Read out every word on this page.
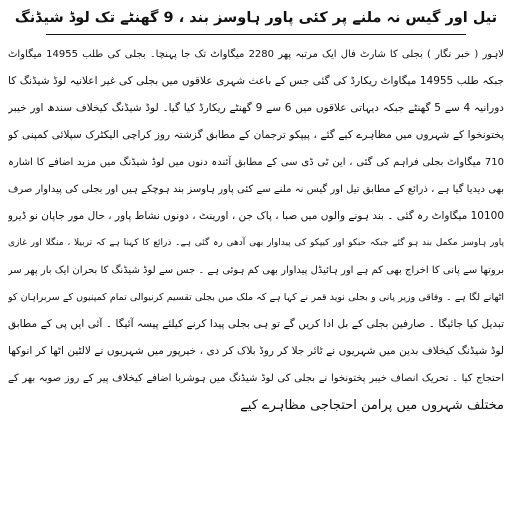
تیل اور گیس نہ ملنے پر کئی پاور ہاوسز بند ، 9 گھنٹے تک لوڈ شیڈنگ
لاہور ( خبر نگار ) بجلی کا شارٹ فال ایک مرتبہ پھر 2280 میگاواٹ تک جا پہنچا۔ بجلی کی طلب 14955 میگاواٹ
جبکہ طلب 14955 میگاواٹ ریکارڈ کی گئی جس کے باعث شہری علاقوں میں بجلی کی غیر اعلانیہ لوڈ شیڈنگ کا
دورانیہ 4 سے 5 گھنٹے جبکہ دیہاتی علاقوں میں 6 سے 9 گھنٹے ریکارڈ کیا گیا۔ لوڈ شیڈنگ کیخلاف سندھ اور خیبر
پختونخوا کے شہروں میں مظاہرے کیے گئے ، پیپکو ترجمان کے مطابق گزشتہ روز کراچی الیکٹرک سپلائی کمپنی کو
710 میگاواٹ بجلی فراہم کی گئی ، این ٹی ڈی سی کے مطابق آئندہ دنوں میں لوڈ شیڈنگ میں مزید اضافے کا اشارہ
بھی دیدیا گیا ہے ، ذرائع کے مطابق تیل اور گیس نہ ملنے سے کئی پاور ہاوسز بند ہوچکے ہیں اور بجلی کی پیداوار صرف
10100 میگاواٹ رہ گئی ۔ بند ہونے والوں میں صبا ، پاک جن ، اورینٹ ، دونوں نشاط پاور ، حال مور جاپان نو ڈیرو
پاور ہاوسز مکمل بند ہو گئے جبکہ حبکو اور کیپکو کی پیداوار بھی آدھی رہ گئی ہے۔ ذرائع کا کہنا ہے کہ تربیلا ، منگلا اور غازی
بروتھا سے پانی کا اخراج بھی کم ہے اور ہائیڈل پیداوار بھی کم ہوئی ہے ۔ جس سے لوڈ شیڈنگ کا بحران ایک بار پھر سر
اٹھانے لگا ہے ۔ وفاقی وزیر پانی و بجلی نوید قمر نے کہا ہے کہ ملک میں بجلی تقسیم کرنیوالی تمام کمپنیوں کے سربراہان کو
تبدیل کیا جائیگا ۔ صارفین بجلی کے بل ادا کریں گے تو ہی بجلی پیدا کرنے کیلئے پیسہ آئیگا ۔ آئی ایں پی کے مطابق
لوڈ شیڈنگ کیخلاف بدین میں شہریوں نے ٹائر جلا کر روڈ بلاک کر دی ، خیرپور میں شہریوں نے لالٹین اٹھا کر انوکھا
احتجاج کیا ۔ تحریک انصاف خیبر پختونخوا نے بجلی کی لوڈ شیڈنگ میں ہوشربا اضافے کیخلاف پیر کے روز صوبہ بھر کے
مختلف شہروں میں پرامن احتجاجی مظاہرے کیے
